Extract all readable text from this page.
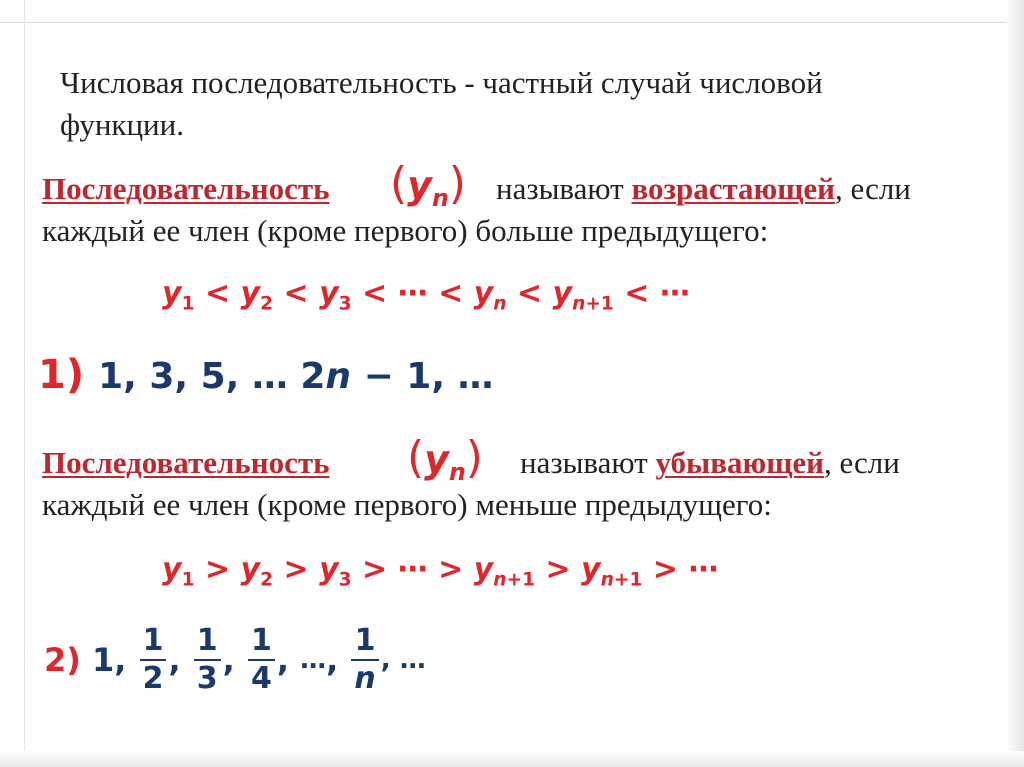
Числовая последовательность - частный случай числовой
функции.
Последовательность $(y_n)$ называют возрастающей, если
каждый ее член (кроме первого) больше предыдущего:
$y_1 < y_2 < y_3$ < ⋯ < $y_n < y_{n+1}$ < ⋯
1) 1, 3, 5, … 2n − 1, …
Последовательность $(y_n)$ называют убывающей, если
каждый ее член (кроме первого) меньше предыдущего:
$y_1 > y_2 > y_3$ > ⋯ > $y_{n+1} > y_{n+1}$ > ⋯
2) 1, $\frac{1}{2}$ , $\frac{1}{3}$ , $\frac{1}{4}$ , …, $\frac{1}{n}$ , …
